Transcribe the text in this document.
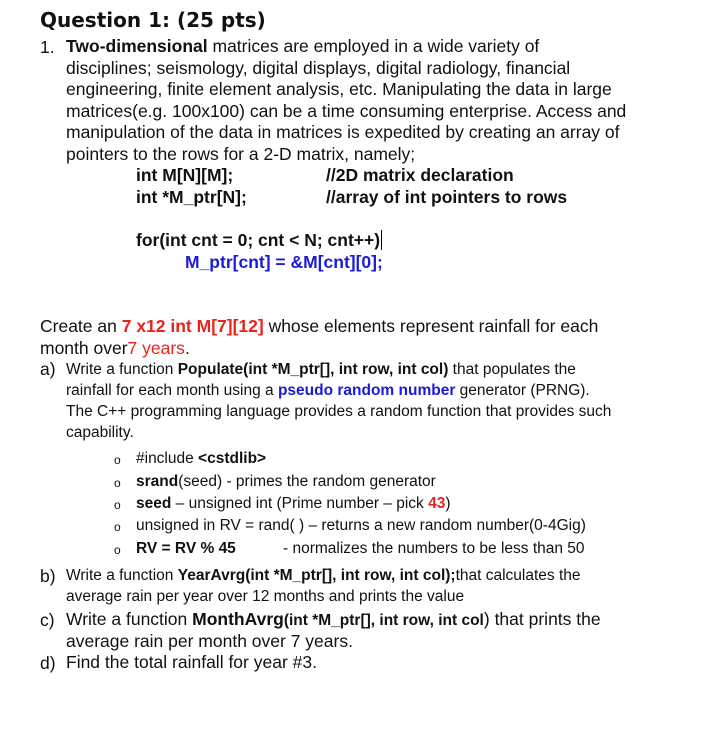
Question 1: (25 pts)
1. Two-dimensional matrices are employed in a wide variety of
disciplines; seismology, digital displays, digital radiology, financial
engineering, finite element analysis, etc. Manipulating the data in large
matrices(e.g. 100x100) can be a time consuming enterprise. Access and
manipulation of the data in matrices is expedited by creating an array of
pointers to the rows for a 2-D matrix, namely;
int M[N][M];	//2D matrix declaration
int *M_ptr[N];	//array of int pointers to rows
for(int cnt = 0; cnt < N; cnt++)
M_ptr[cnt] = &M[cnt][0];
Create an 7 x12 int M[7][12] whose elements represent rainfall for each
month over7 years.
a) Write a function Populate(int *M_ptr[], int row, int col) that populates the
rainfall for each month using a pseudo random number generator (PRNG).
The C++ programming language provides a random function that provides such
capability.
o #include <cstdlib>
o srand(seed) - primes the random generator
o seed – unsigned int (Prime number – pick 43)
o unsigned in RV = rand( ) – returns a new random number(0-4Gig)
o RV = RV % 45	- normalizes the numbers to be less than 50
b) Write a function YearAvrg(int *M_ptr[], int row, int col);that calculates the
average rain per year over 12 months and prints the value
c) Write a function MonthAvrg(int *M_ptr[], int row, int col) that prints the
average rain per month over 7 years.
d) Find the total rainfall for year #3.
